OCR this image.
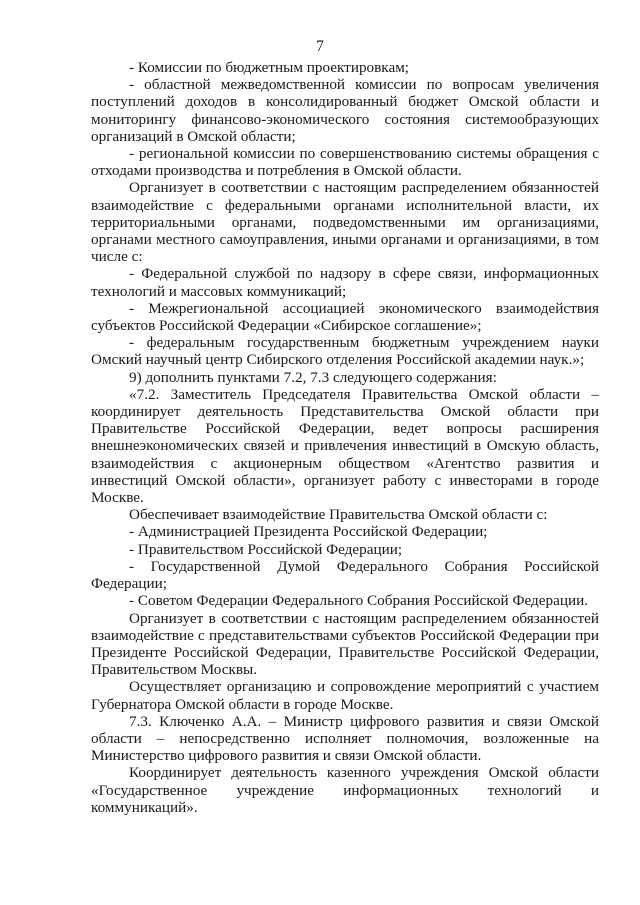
7

- Комиссии по бюджетным проектировкам;

- областной межведомственной комиссии по вопросам увеличения поступлений доходов в консолидированный бюджет Омской области и мониторингу финансово-экономического состояния системообразующих организаций в Омской области;

- региональной комиссии по совершенствованию системы обращения с отходами производства и потребления в Омской области.

Организует в соответствии с настоящим распределением обязанностей взаимодействие с федеральными органами исполнительной власти, их территориальными органами, подведомственными им организациями, органами местного самоуправления, иными органами и организациями, в том числе с:

- Федеральной службой по надзору в сфере связи, информационных технологий и массовых коммуникаций;

- Межрегиональной ассоциацией экономического взаимодействия субъектов Российской Федерации «Сибирское соглашение»;

- федеральным государственным бюджетным учреждением науки Омский научный центр Сибирского отделения Российской академии наук.»;

9) дополнить пунктами 7.2, 7.3 следующего содержания:

«7.2. Заместитель Председателя Правительства Омской области – координирует деятельность Представительства Омской области при Правительстве Российской Федерации, ведет вопросы расширения внешнеэкономических связей и привлечения инвестиций в Омскую область, взаимодействия с акционерным обществом «Агентство развития и инвестиций Омской области», организует работу с инвесторами в городе Москве.

Обеспечивает взаимодействие Правительства Омской области с:

- Администрацией Президента Российской Федерации;

- Правительством Российской Федерации;

- Государственной Думой Федерального Собрания Российской Федерации;

- Советом Федерации Федерального Собрания Российской Федерации.

Организует в соответствии с настоящим распределением обязанностей взаимодействие с представительствами субъектов Российской Федерации при Президенте Российской Федерации, Правительстве Российской Федерации, Правительством Москвы.

Осуществляет организацию и сопровождение мероприятий с участием Губернатора Омской области в городе Москве.

7.3. Ключенко А.А. – Министр цифрового развития и связи Омской области – непосредственно исполняет полномочия, возложенные на Министерство цифрового развития и связи Омской области.

Координирует деятельность казенного учреждения Омской области «Государственное учреждение информационных технологий и коммуникаций».
